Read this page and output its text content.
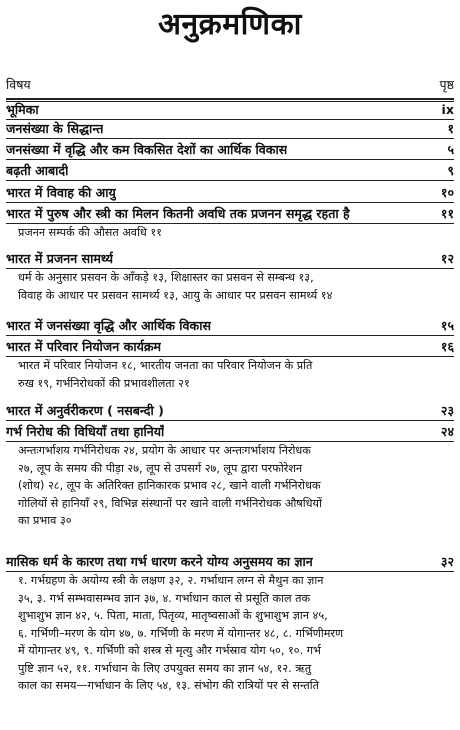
अनुक्रमणिका
विषय	पृष्ठ
भूमिका	ix
जनसंख्या के सिद्धान्त	१
जनसंख्या में वृद्धि और कम विकसित देशों का आर्थिक विकास	५
बढ़ती आबादी	९
भारत में विवाह की आयु	१०
भारत में पुरुष और स्त्री का मिलन कितनी अवधि तक प्रजनन समृद्ध रहता है	११
प्रजनन सम्पर्क की औसत अवधि ११
भारत में प्रजनन सामर्थ्य	१२
धर्म के अनुसार प्रसवन के आँकड़े १३, शिक्षास्तर का प्रसवन से सम्बन्ध १३,
विवाह के आधार पर प्रसवन सामर्थ्य १३, आयु के आधार पर प्रसवन सामर्थ्य १४
भारत में जनसंख्या वृद्धि और आर्थिक विकास	१५
भारत में परिवार नियोजन कार्यक्रम	१६
भारत में परिवार नियोजन १८, भारतीय जनता का परिवार नियोजन के प्रति
रुख १९, गर्भनिरोधकों की प्रभावशीलता २१
भारत में अनुर्वरीकरण ( नसबन्दी )	२३
गर्भ निरोध की विधियाँ तथा हानियाँ	२४
अन्तःगर्भाशय गर्भनिरोधक २४, प्रयोग के आधार पर अन्तःगर्भाशय निरोधक
२७, लूप के समय की पीड़ा २७, लूप से उपसर्ग २७, लूप द्वारा परफोरेशन
(शोथ) २८, लूप के अतिरिक्त हानिकारक प्रभाव २८, खाने वाली गर्भनिरोधक
गोलियों से हानियाँ २९, विभिन्न संस्थानों पर खाने वाली गर्भनिरोधक औषधियों
का प्रभाव ३०
मासिक धर्म के कारण तथा गर्भ धारण करने योग्य अनुसमय का ज्ञान	३२
१. गर्भग्रहण के अयोग्य स्त्री के लक्षण ३२, २. गर्भाधान लग्न से मैथुन का ज्ञान
३५, ३. गर्भ सम्भवासम्भव ज्ञान ३७, ४. गर्भाधान काल से प्रसूति काल तक
शुभाशुभ ज्ञान ४२, ५. पिता, माता, पितृव्य, मातृष्वसाओं के शुभाशुभ ज्ञान ४५,
६. गर्भिणी–मरण के योग ४७, ७. गर्भिणी के मरण में योगान्तर ४८, ८. गर्भिणीमरण
में योगान्तर ४९, ९. गर्भिणी को शस्त्र से मृत्यु और गर्भस्राव योग ५०, १०. गर्भ
पुष्टि ज्ञान ५२, ११. गर्भाधान के लिए उपयुक्त समय का ज्ञान ५४, १२. ऋतु
काल का समय—गर्भाधान के लिए ५४, १३. संभोग की रात्रियों पर से सन्तति
